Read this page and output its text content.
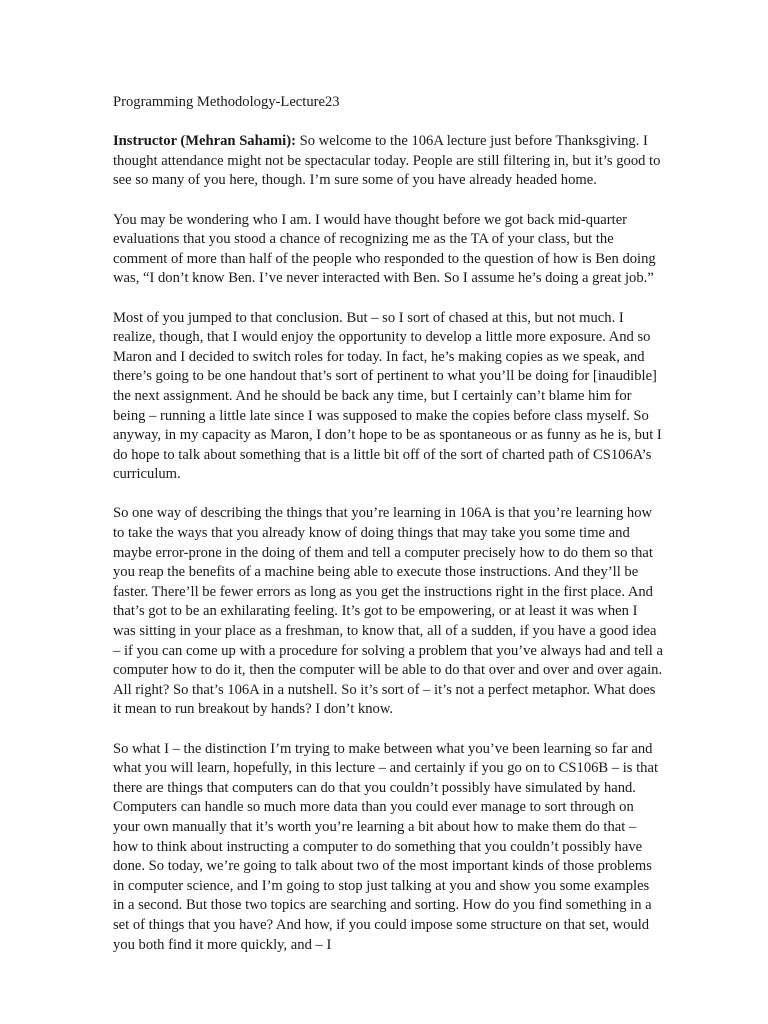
Programming Methodology-Lecture23

Instructor (Mehran Sahami): So welcome to the 106A lecture just before Thanksgiving. I thought attendance might not be spectacular today. People are still filtering in, but it’s good to see so many of you here, though. I’m sure some of you have already headed home.

You may be wondering who I am. I would have thought before we got back mid-quarter evaluations that you stood a chance of recognizing me as the TA of your class, but the comment of more than half of the people who responded to the question of how is Ben doing was, “I don’t know Ben. I’ve never interacted with Ben. So I assume he’s doing a great job.”

Most of you jumped to that conclusion. But – so I sort of chased at this, but not much. I realize, though, that I would enjoy the opportunity to develop a little more exposure. And so Maron and I decided to switch roles for today. In fact, he’s making copies as we speak, and there’s going to be one handout that’s sort of pertinent to what you’ll be doing for [inaudible] the next assignment. And he should be back any time, but I certainly can’t blame him for being – running a little late since I was supposed to make the copies before class myself. So anyway, in my capacity as Maron, I don’t hope to be as spontaneous or as funny as he is, but I do hope to talk about something that is a little bit off of the sort of charted path of CS106A’s curriculum.

So one way of describing the things that you’re learning in 106A is that you’re learning how to take the ways that you already know of doing things that may take you some time and maybe error-prone in the doing of them and tell a computer precisely how to do them so that you reap the benefits of a machine being able to execute those instructions. And they’ll be faster. There’ll be fewer errors as long as you get the instructions right in the first place. And that’s got to be an exhilarating feeling. It’s got to be empowering, or at least it was when I was sitting in your place as a freshman, to know that, all of a sudden, if you have a good idea – if you can come up with a procedure for solving a problem that you’ve always had and tell a computer how to do it, then the computer will be able to do that over and over and over again. All right? So that’s 106A in a nutshell. So it’s sort of – it’s not a perfect metaphor. What does it mean to run breakout by hands? I don’t know.

So what I – the distinction I’m trying to make between what you’ve been learning so far and what you will learn, hopefully, in this lecture – and certainly if you go on to CS106B – is that there are things that computers can do that you couldn’t possibly have simulated by hand. Computers can handle so much more data than you could ever manage to sort through on your own manually that it’s worth you’re learning a bit about how to make them do that – how to think about instructing a computer to do something that you couldn’t possibly have done. So today, we’re going to talk about two of the most important kinds of those problems in computer science, and I’m going to stop just talking at you and show you some examples in a second. But those two topics are searching and sorting. How do you find something in a set of things that you have? And how, if you could impose some structure on that set, would you both find it more quickly, and – I
